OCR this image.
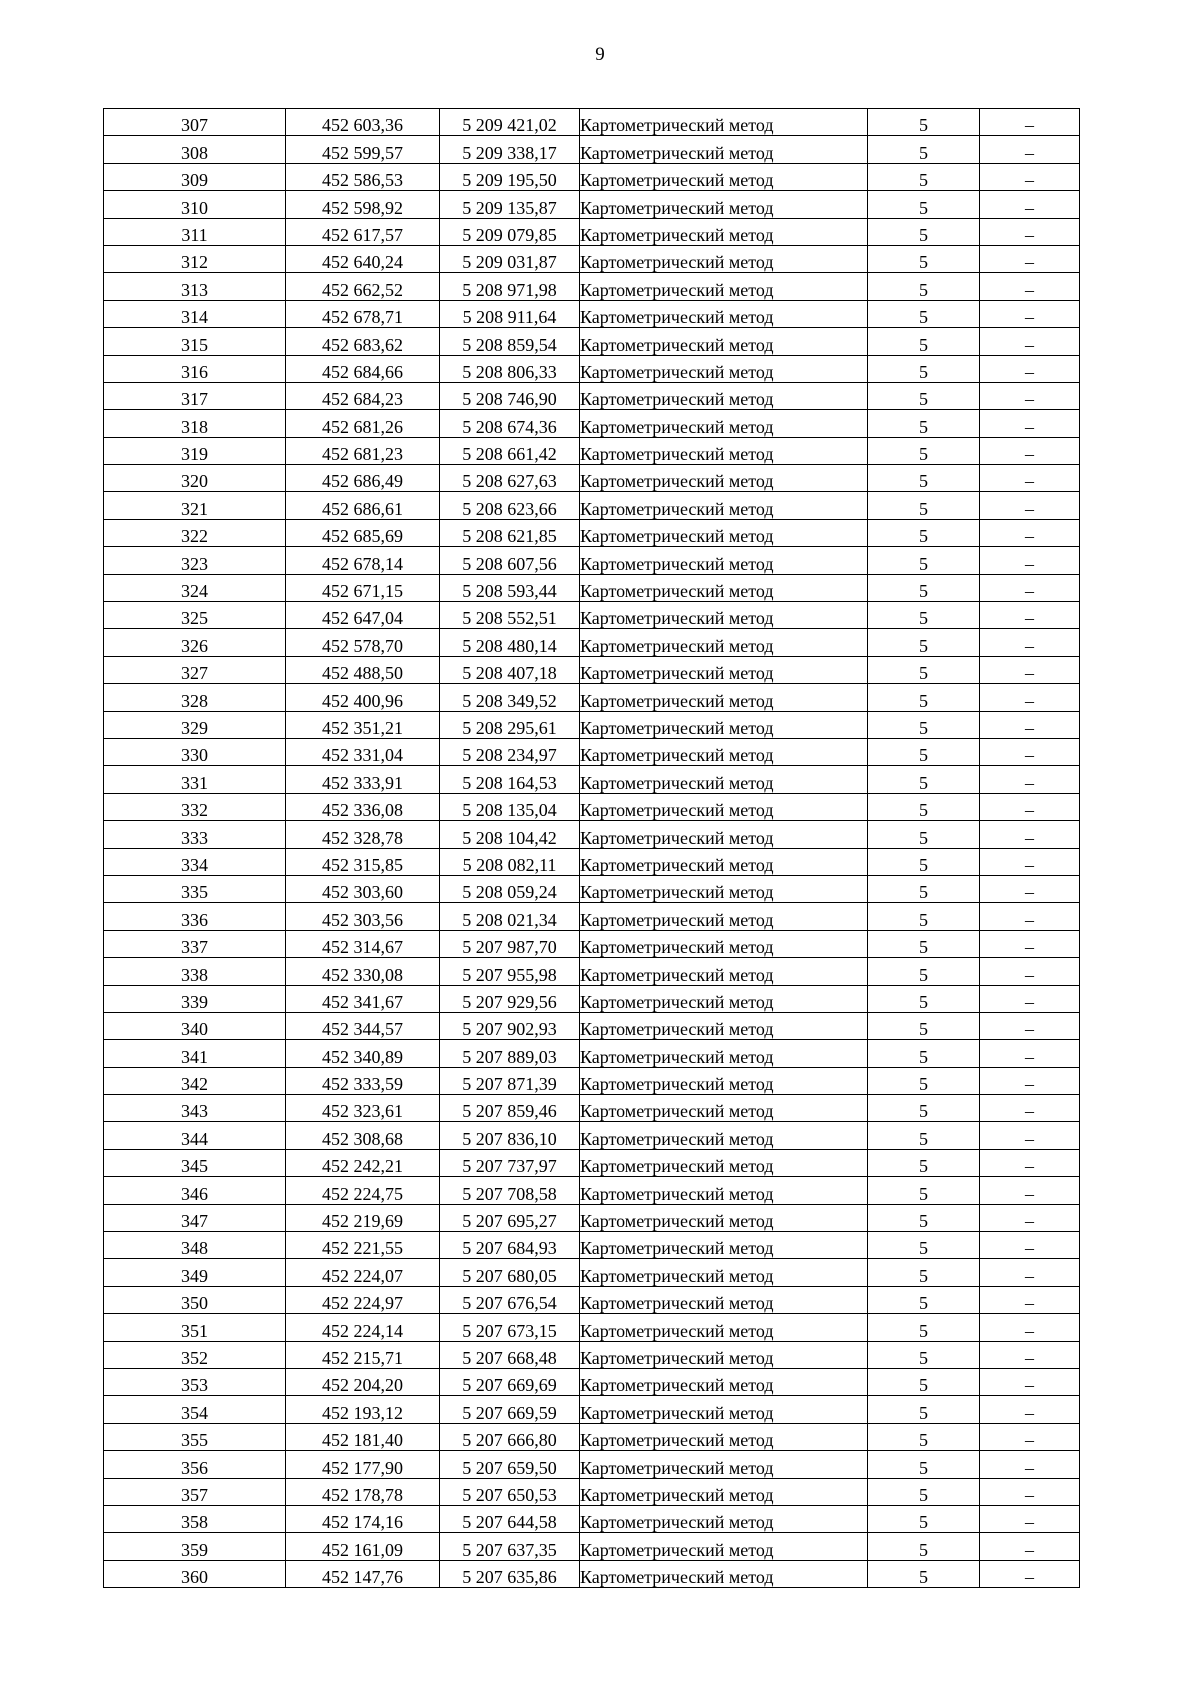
9
307	452 603,36	5 209 421,02	Картометрический метод	5	–
308	452 599,57	5 209 338,17	Картометрический метод	5	–
309	452 586,53	5 209 195,50	Картометрический метод	5	–
310	452 598,92	5 209 135,87	Картометрический метод	5	–
311	452 617,57	5 209 079,85	Картометрический метод	5	–
312	452 640,24	5 209 031,87	Картометрический метод	5	–
313	452 662,52	5 208 971,98	Картометрический метод	5	–
314	452 678,71	5 208 911,64	Картометрический метод	5	–
315	452 683,62	5 208 859,54	Картометрический метод	5	–
316	452 684,66	5 208 806,33	Картометрический метод	5	–
317	452 684,23	5 208 746,90	Картометрический метод	5	–
318	452 681,26	5 208 674,36	Картометрический метод	5	–
319	452 681,23	5 208 661,42	Картометрический метод	5	–
320	452 686,49	5 208 627,63	Картометрический метод	5	–
321	452 686,61	5 208 623,66	Картометрический метод	5	–
322	452 685,69	5 208 621,85	Картометрический метод	5	–
323	452 678,14	5 208 607,56	Картометрический метод	5	–
324	452 671,15	5 208 593,44	Картометрический метод	5	–
325	452 647,04	5 208 552,51	Картометрический метод	5	–
326	452 578,70	5 208 480,14	Картометрический метод	5	–
327	452 488,50	5 208 407,18	Картометрический метод	5	–
328	452 400,96	5 208 349,52	Картометрический метод	5	–
329	452 351,21	5 208 295,61	Картометрический метод	5	–
330	452 331,04	5 208 234,97	Картометрический метод	5	–
331	452 333,91	5 208 164,53	Картометрический метод	5	–
332	452 336,08	5 208 135,04	Картометрический метод	5	–
333	452 328,78	5 208 104,42	Картометрический метод	5	–
334	452 315,85	5 208 082,11	Картометрический метод	5	–
335	452 303,60	5 208 059,24	Картометрический метод	5	–
336	452 303,56	5 208 021,34	Картометрический метод	5	–
337	452 314,67	5 207 987,70	Картометрический метод	5	–
338	452 330,08	5 207 955,98	Картометрический метод	5	–
339	452 341,67	5 207 929,56	Картометрический метод	5	–
340	452 344,57	5 207 902,93	Картометрический метод	5	–
341	452 340,89	5 207 889,03	Картометрический метод	5	–
342	452 333,59	5 207 871,39	Картометрический метод	5	–
343	452 323,61	5 207 859,46	Картометрический метод	5	–
344	452 308,68	5 207 836,10	Картометрический метод	5	–
345	452 242,21	5 207 737,97	Картометрический метод	5	–
346	452 224,75	5 207 708,58	Картометрический метод	5	–
347	452 219,69	5 207 695,27	Картометрический метод	5	–
348	452 221,55	5 207 684,93	Картометрический метод	5	–
349	452 224,07	5 207 680,05	Картометрический метод	5	–
350	452 224,97	5 207 676,54	Картометрический метод	5	–
351	452 224,14	5 207 673,15	Картометрический метод	5	–
352	452 215,71	5 207 668,48	Картометрический метод	5	–
353	452 204,20	5 207 669,69	Картометрический метод	5	–
354	452 193,12	5 207 669,59	Картометрический метод	5	–
355	452 181,40	5 207 666,80	Картометрический метод	5	–
356	452 177,90	5 207 659,50	Картометрический метод	5	–
357	452 178,78	5 207 650,53	Картометрический метод	5	–
358	452 174,16	5 207 644,58	Картометрический метод	5	–
359	452 161,09	5 207 637,35	Картометрический метод	5	–
360	452 147,76	5 207 635,86	Картометрический метод	5	–
